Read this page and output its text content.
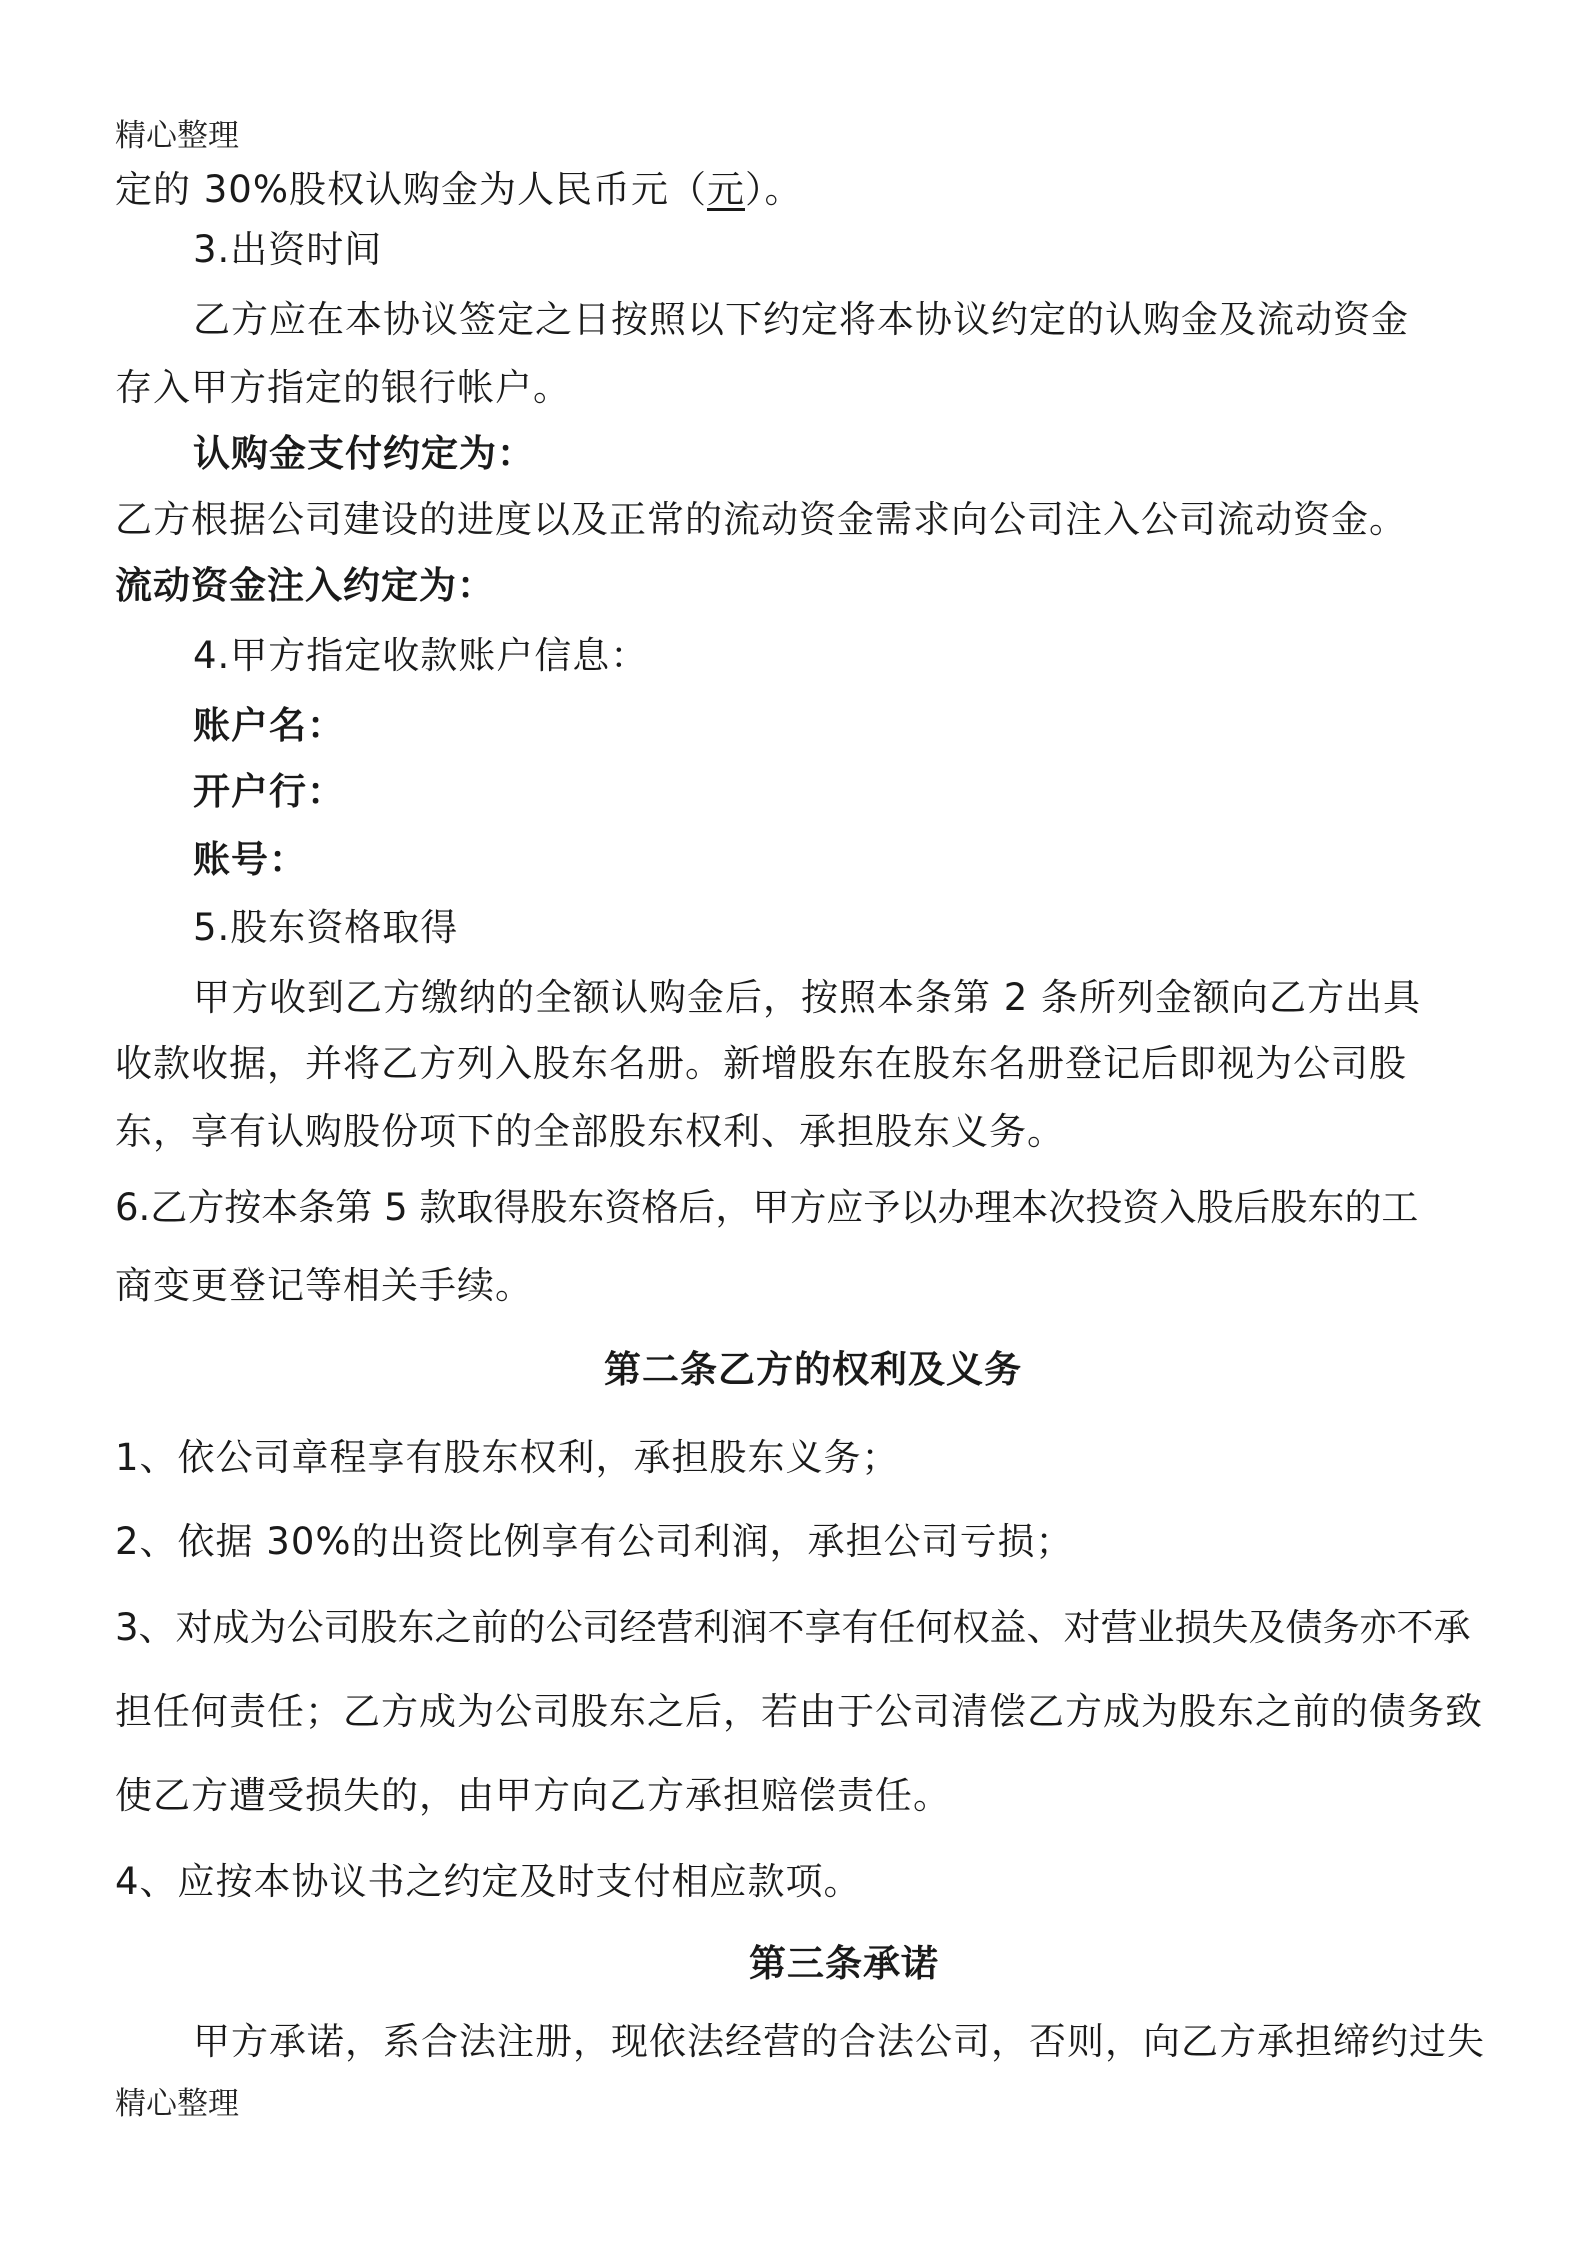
精心整理
定的 30%股权认购金为人民币元（元）。
3.出资时间
乙方应在本协议签定之日按照以下约定将本协议约定的认购金及流动资金
存入甲方指定的银行帐户。
认购金支付约定为：
乙方根据公司建设的进度以及正常的流动资金需求向公司注入公司流动资金。
流动资金注入约定为：
4.甲方指定收款账户信息：
账户名：
开户行：
账号：
5.股东资格取得
甲方收到乙方缴纳的全额认购金后，按照本条第 2 条所列金额向乙方出具
收款收据，并将乙方列入股东名册。新增股东在股东名册登记后即视为公司股
东，享有认购股份项下的全部股东权利、承担股东义务。
6.乙方按本条第 5 款取得股东资格后，甲方应予以办理本次投资入股后股东的工
商变更登记等相关手续。
第二条乙方的权利及义务
1、依公司章程享有股东权利，承担股东义务；
2、依据 30%的出资比例享有公司利润，承担公司亏损；
3、对成为公司股东之前的公司经营利润不享有任何权益、对营业损失及债务亦不承
担任何责任；乙方成为公司股东之后，若由于公司清偿乙方成为股东之前的债务致
使乙方遭受损失的，由甲方向乙方承担赔偿责任。
4、应按本协议书之约定及时支付相应款项。
第三条承诺
甲方承诺，系合法注册，现依法经营的合法公司，否则，向乙方承担缔约过失
精心整理
